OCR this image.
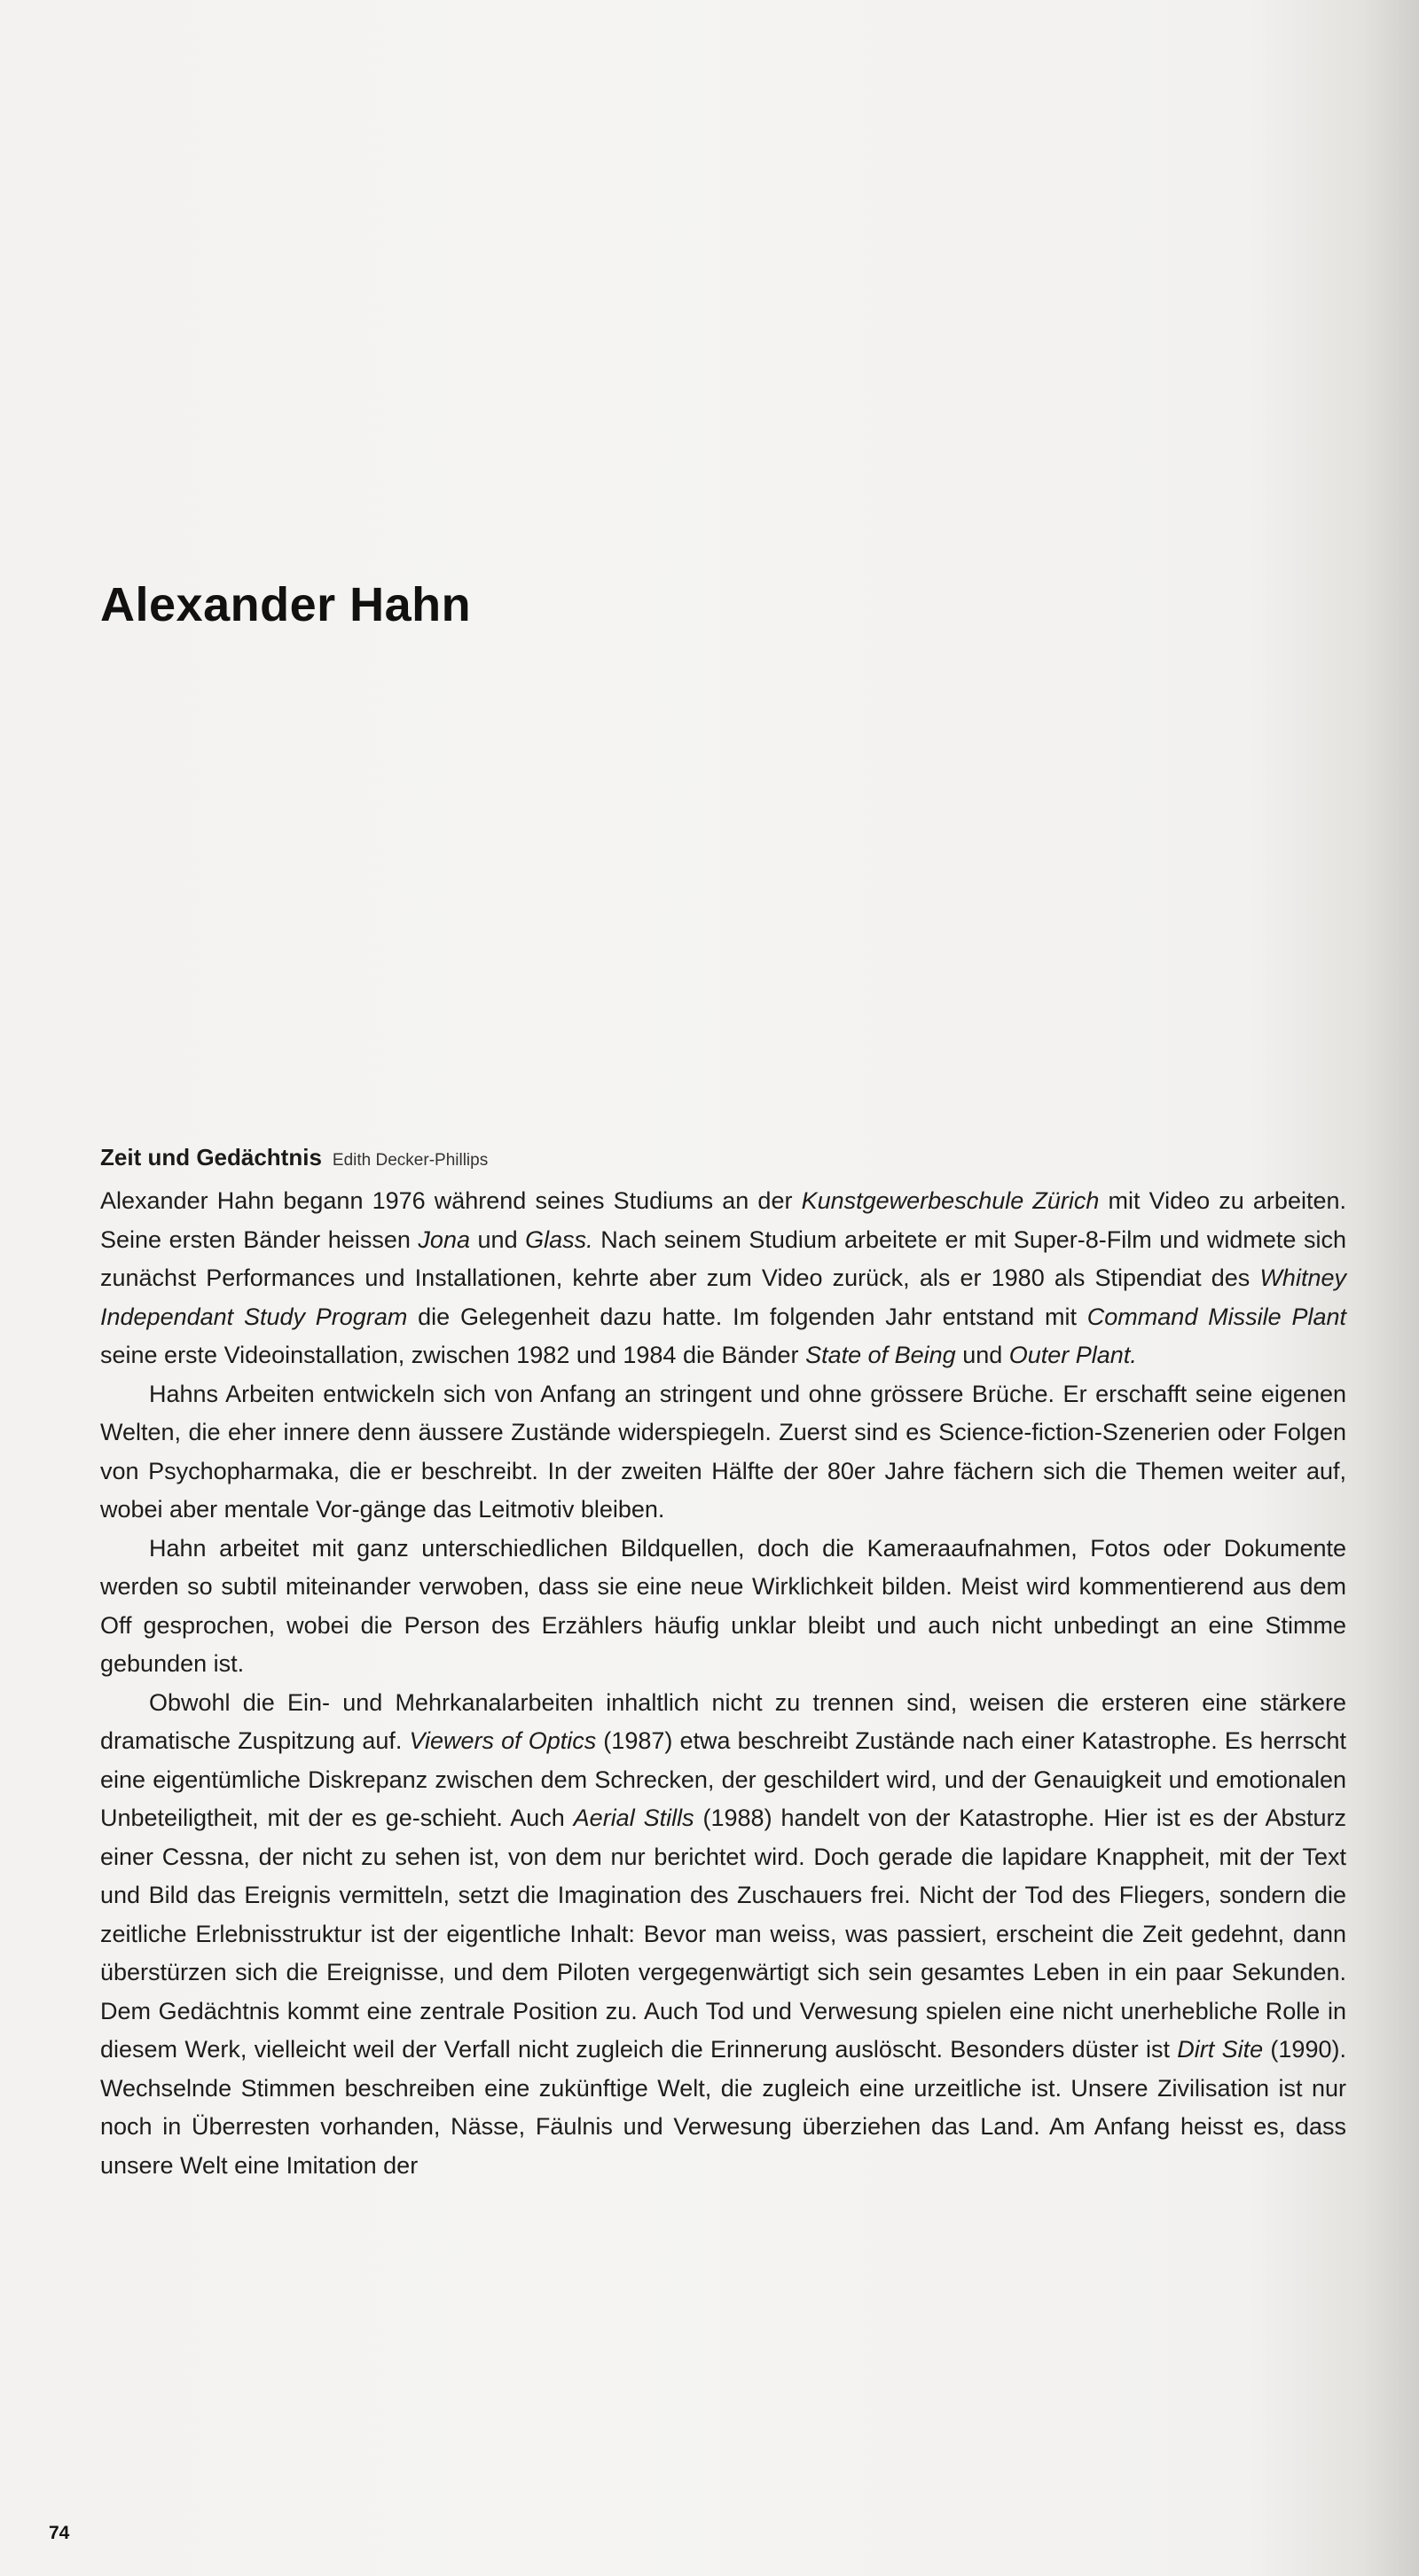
Alexander Hahn
Zeit und Gedächtnis Edith Decker-Phillips

Alexander Hahn begann 1976 während seines Studiums an der Kunstgewerbeschule Zürich mit Video zu arbeiten. Seine ersten Bänder heissen Jona und Glass. Nach seinem Studium arbeitete er mit Super-8-Film und widmete sich zunächst Performances und Installationen, kehrte aber zum Video zurück, als er 1980 als Stipendiat des Whitney Independant Study Program die Gelegenheit dazu hatte. Im folgenden Jahr entstand mit Command Missile Plant seine erste Videoinstallation, zwischen 1982 und 1984 die Bänder State of Being und Outer Plant.

Hahns Arbeiten entwickeln sich von Anfang an stringent und ohne grössere Brüche. Er erschafft seine eigenen Welten, die eher innere denn äussere Zustände widerspiegeln. Zuerst sind es Science-fiction-Szenerien oder Folgen von Psychopharmaka, die er beschreibt. In der zweiten Hälfte der 80er Jahre fächern sich die Themen weiter auf, wobei aber mentale Vor-gänge das Leitmotiv bleiben.

Hahn arbeitet mit ganz unterschiedlichen Bildquellen, doch die Kameraaufnahmen, Fotos oder Dokumente werden so subtil miteinander verwoben, dass sie eine neue Wirklichkeit bilden. Meist wird kommentierend aus dem Off gesprochen, wobei die Person des Erzählers häufig unklar bleibt und auch nicht unbedingt an eine Stimme gebunden ist.

Obwohl die Ein- und Mehrkanalarbeiten inhaltlich nicht zu trennen sind, weisen die ersteren eine stärkere dramatische Zuspitzung auf. Viewers of Optics (1987) etwa beschreibt Zustände nach einer Katastrophe. Es herrscht eine eigentümliche Diskrepanz zwischen dem Schrecken, der geschildert wird, und der Genauigkeit und emotionalen Unbeteiligtheit, mit der es ge-schieht. Auch Aerial Stills (1988) handelt von der Katastrophe. Hier ist es der Absturz einer Cessna, der nicht zu sehen ist, von dem nur berichtet wird. Doch gerade die lapidare Knappheit, mit der Text und Bild das Ereignis vermitteln, setzt die Imagination des Zuschauers frei. Nicht der Tod des Fliegers, sondern die zeitliche Erlebnisstruktur ist der eigentliche Inhalt: Bevor man weiss, was passiert, erscheint die Zeit gedehnt, dann überstürzen sich die Ereignisse, und dem Piloten vergegenwärtigt sich sein gesamtes Leben in ein paar Sekunden. Dem Gedächtnis kommt eine zentrale Position zu. Auch Tod und Verwesung spielen eine nicht unerhebliche Rolle in diesem Werk, vielleicht weil der Verfall nicht zugleich die Erinnerung auslöscht. Besonders düster ist Dirt Site (1990). Wechselnde Stimmen beschreiben eine zukünftige Welt, die zugleich eine urzeitliche ist. Unsere Zivilisation ist nur noch in Überresten vorhanden, Nässe, Fäulnis und Verwesung überziehen das Land. Am Anfang heisst es, dass unsere Welt eine Imitation der

74
